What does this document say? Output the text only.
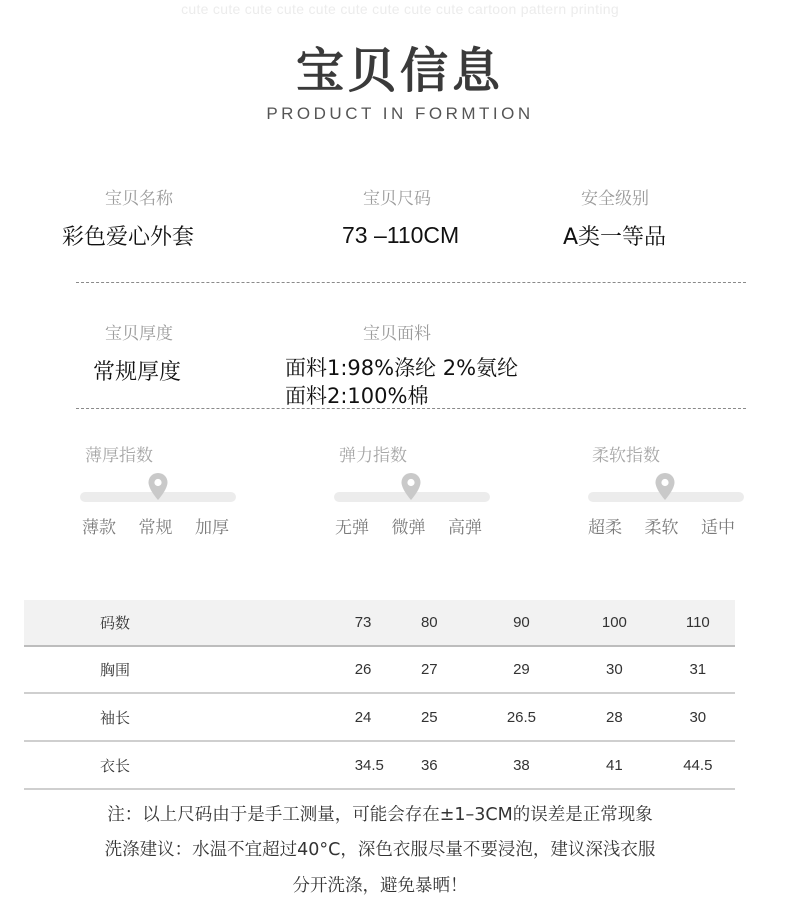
cute cute cute cute cute cute cute cute cute cartoon pattern printing
宝贝信息
PRODUCT IN FORMTION
宝贝名称
彩色爱心外套
宝贝尺码
73 –110CM
安全级别
A类一等品
宝贝厚度
常规厚度
宝贝面料
面料1:98%涤纶 2%氨纶
面料2:100%棉
薄厚指数
薄款 常规 加厚
弹力指数
无弹 微弹 高弹
柔软指数
超柔 柔软 适中
码数	73	80	90	100	110
胸围	26	27	29	30	31
袖长	24	25	26.5	28	30
衣长	34.5	36	38	41	44.5
注：以上尺码由于是手工测量，可能会存在±1–3CM的误差是正常现象
洗涤建议：水温不宜超过40°C，深色衣服尽量不要浸泡，建议深浅衣服
分开洗涤，避免暴晒！
